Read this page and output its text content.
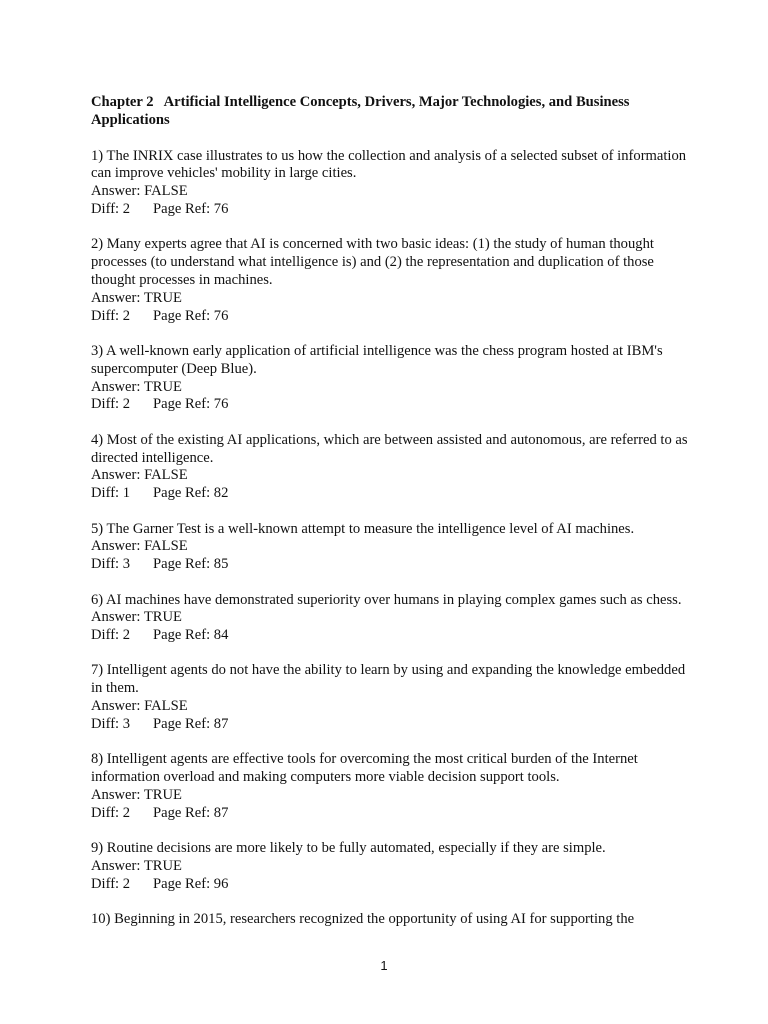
Chapter 2 Artificial Intelligence Concepts, Drivers, Major Technologies, and Business Applications
1) The INRIX case illustrates to us how the collection and analysis of a selected subset of information can improve vehicles' mobility in large cities.
Answer: FALSE
Diff: 2 Page Ref: 76
2) Many experts agree that AI is concerned with two basic ideas: (1) the study of human thought processes (to understand what intelligence is) and (2) the representation and duplication of those thought processes in machines.
Answer: TRUE
Diff: 2 Page Ref: 76
3) A well-known early application of artificial intelligence was the chess program hosted at IBM's supercomputer (Deep Blue).
Answer: TRUE
Diff: 2 Page Ref: 76
4) Most of the existing AI applications, which are between assisted and autonomous, are referred to as directed intelligence.
Answer: FALSE
Diff: 1 Page Ref: 82
5) The Garner Test is a well-known attempt to measure the intelligence level of AI machines.
Answer: FALSE
Diff: 3 Page Ref: 85
6) AI machines have demonstrated superiority over humans in playing complex games such as chess.
Answer: TRUE
Diff: 2 Page Ref: 84
7) Intelligent agents do not have the ability to learn by using and expanding the knowledge embedded in them.
Answer: FALSE
Diff: 3 Page Ref: 87
8) Intelligent agents are effective tools for overcoming the most critical burden of the Internet information overload and making computers more viable decision support tools.
Answer: TRUE
Diff: 2 Page Ref: 87
9) Routine decisions are more likely to be fully automated, especially if they are simple.
Answer: TRUE
Diff: 2 Page Ref: 96
10) Beginning in 2015, researchers recognized the opportunity of using AI for supporting the
1
